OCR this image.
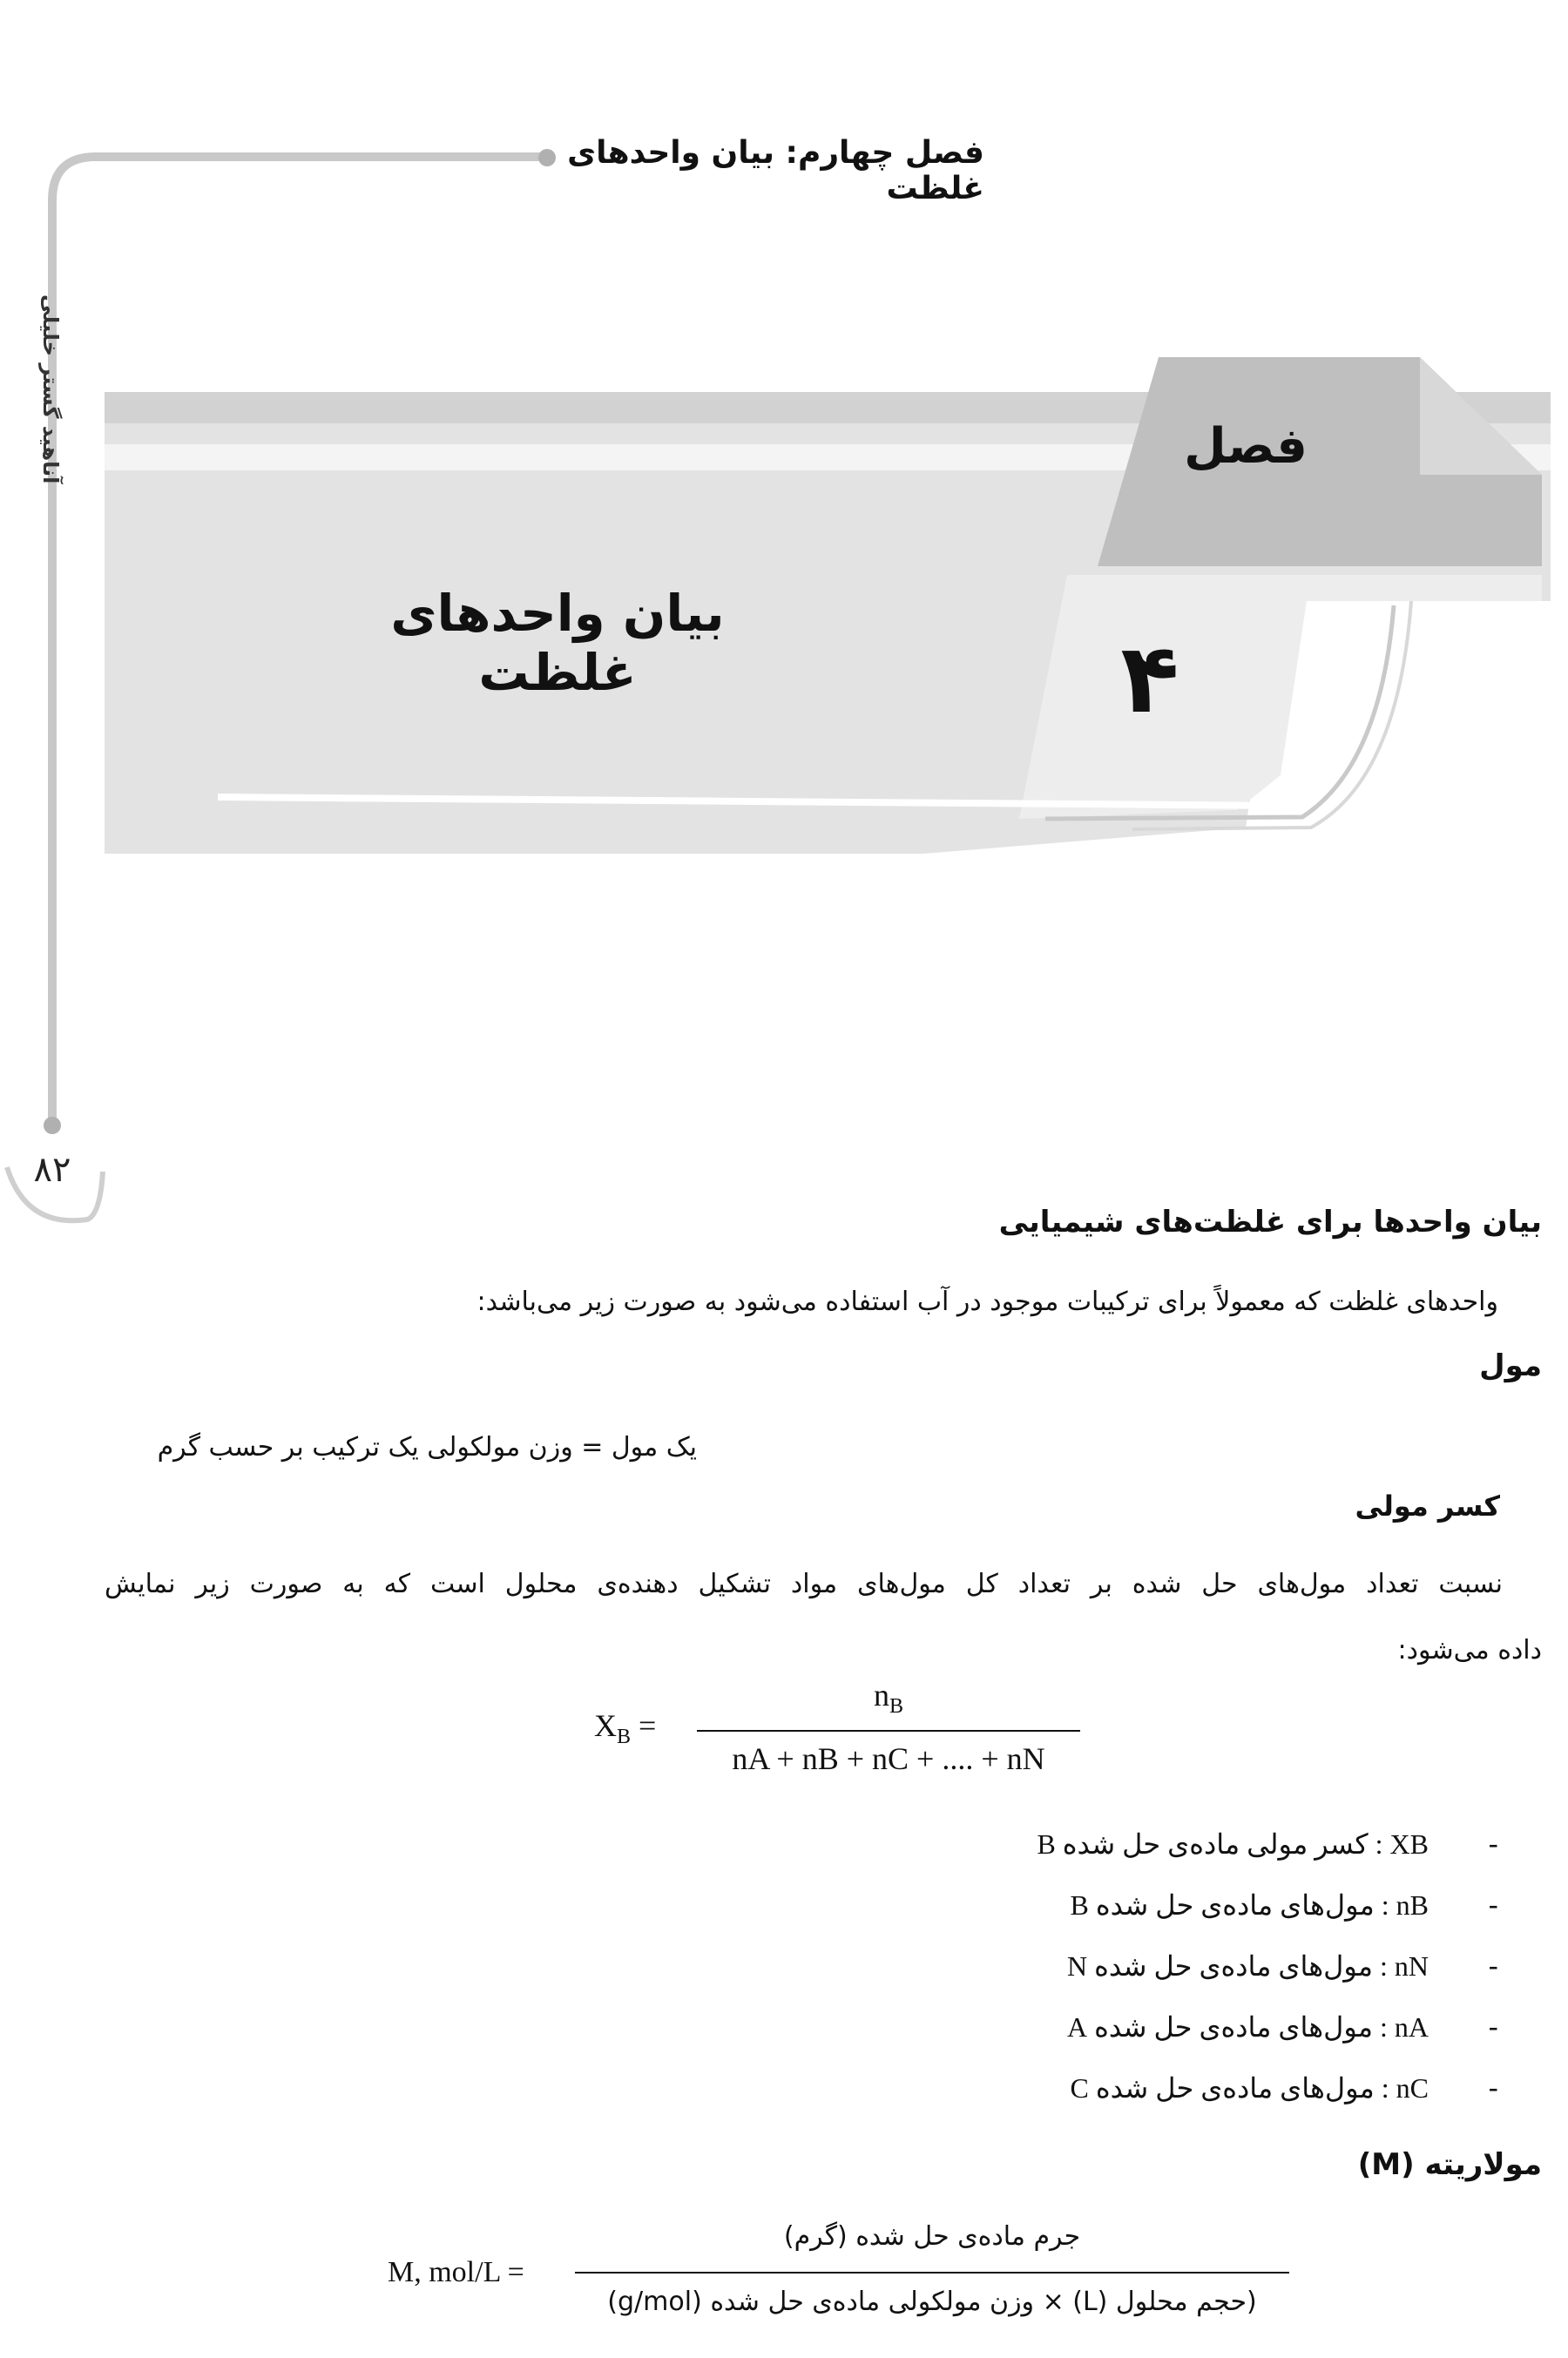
فصل چهارم: بیان واحدهای غلظت
آناهید گستر خلیلی
۸۲
فصل
۴
بیان واحدهای غلظت
بیان واحدها برای غلظت‌های شیمیایی
واحدهای غلظت که معمولاً برای ترکیبات موجود در آب استفاده می‌شود به صورت زیر می‌باشد:
مول
یک مول = وزن مولکولی یک ترکیب بر حسب گرم
کسر مولی
نسبت تعداد مول‌های حل شده بر تعداد کل مول‌های مواد تشکیل دهنده‌ی محلول است که به صورت زیر نمایش
داده می‌شود:
$X_B$ =
$n_B$
nA + nB + nC + .... + nN
-
XB : کسر مولی ماده‌ی حل شده B
-
nB : مول‌های ماده‌ی حل شده B
-
nN : مول‌های ماده‌ی حل شده N
-
nA : مول‌های ماده‌ی حل شده A
-
nC : مول‌های ماده‌ی حل شده C
مولاریته (M)
M, mol/L =
جرم ماده‌ی حل شده (گرم)
(حجم محلول (L) × وزن مولکولی ماده‌ی حل شده (g/mol)
